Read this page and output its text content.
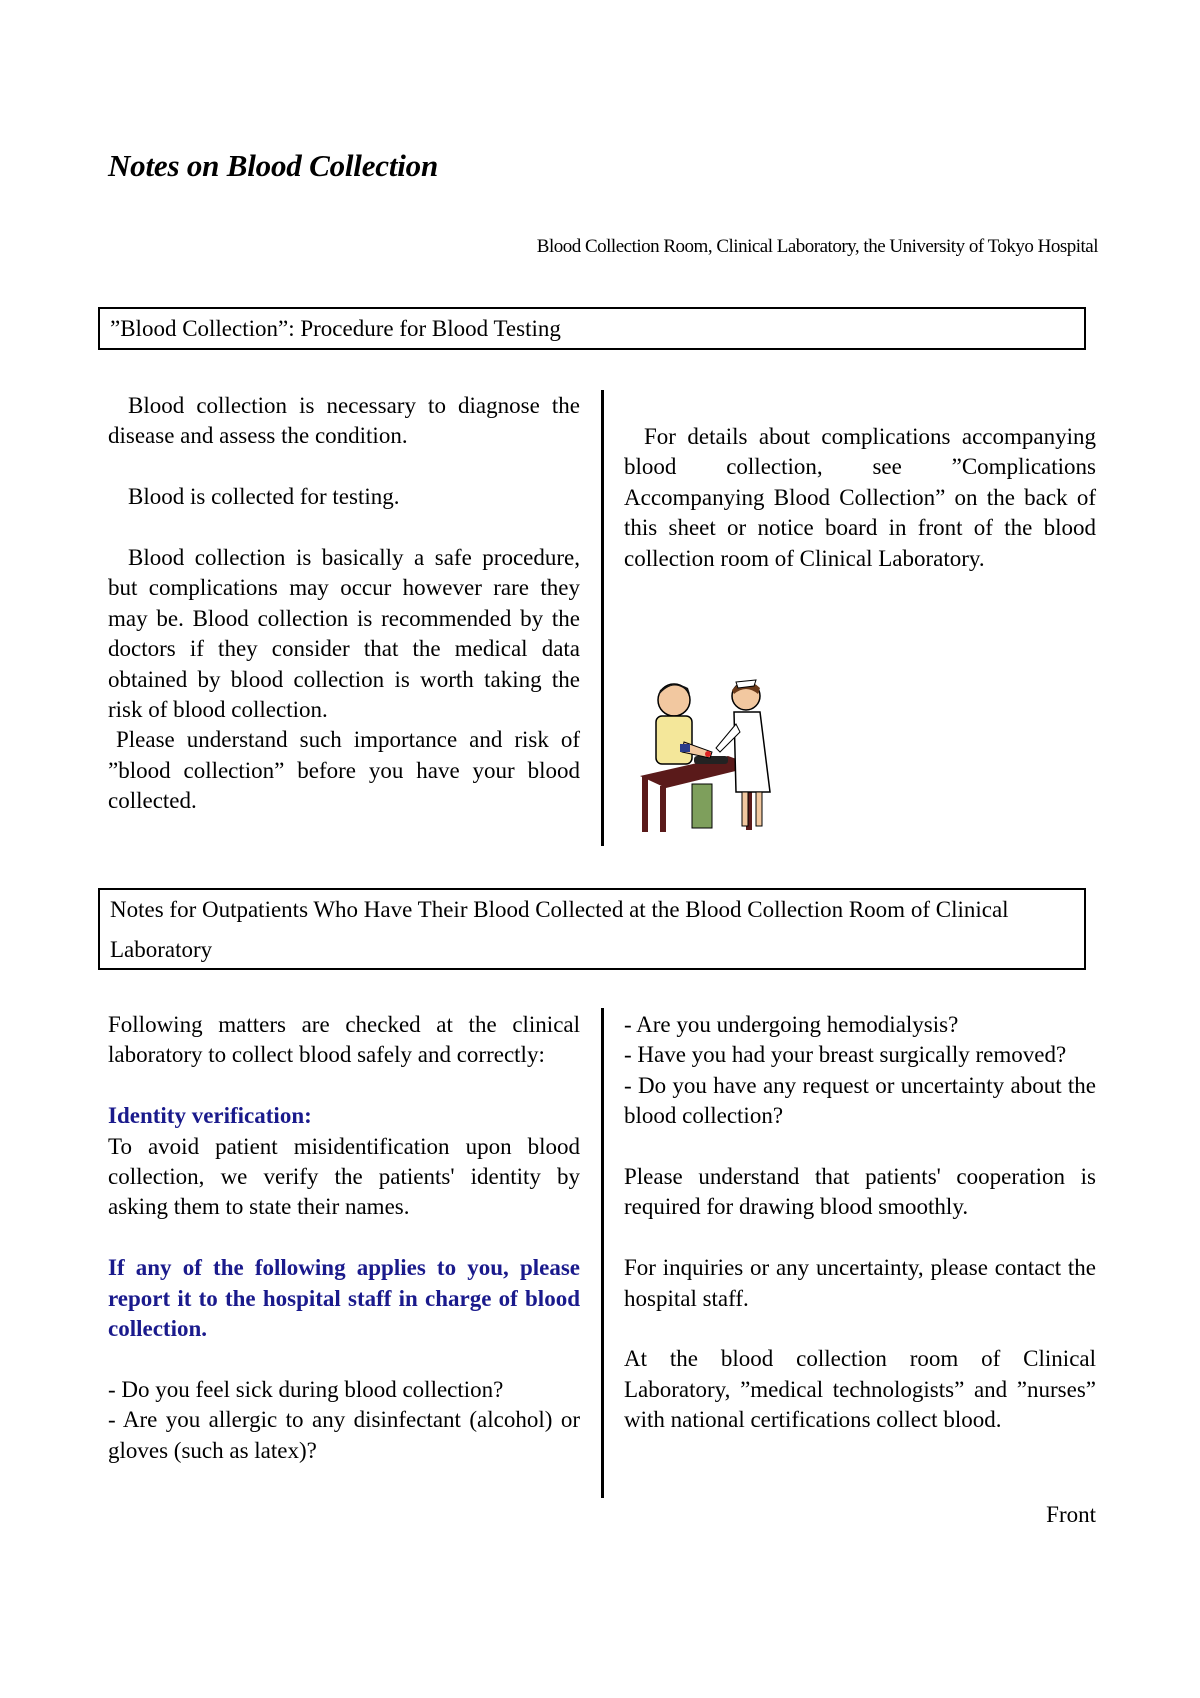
Notes on Blood Collection
Blood Collection Room, Clinical Laboratory, the University of Tokyo Hospital
”Blood Collection”: Procedure for Blood Testing

Blood collection is necessary to diagnose the disease and assess the condition.

Blood is collected for testing.

Blood collection is basically a safe procedure, but complications may occur however rare they may be. Blood collection is recommended by the doctors if they consider that the medical data obtained by blood collection is worth taking the risk of blood collection.

Please understand such importance and risk of ”blood collection” before you have your blood collected.

For details about complications accompanying blood collection, see ”Complications Accompanying Blood Collection” on the back of this sheet or notice board in front of the blood collection room of Clinical Laboratory.

Notes for Outpatients Who Have Their Blood Collected at the Blood Collection Room of Clinical Laboratory

Following matters are checked at the clinical laboratory to collect blood safely and correctly:

Identity verification:

To avoid patient misidentification upon blood collection, we verify the patients' identity by asking them to state their names.

If any of the following applies to you, please report it to the hospital staff in charge of blood collection.

- Do you feel sick during blood collection?

- Are you allergic to any disinfectant (alcohol) or gloves (such as latex)?

- Are you undergoing hemodialysis?

- Have you had your breast surgically removed?

- Do you have any request or uncertainty about the blood collection?

Please understand that patients' cooperation is required for drawing blood smoothly.

For inquiries or any uncertainty, please contact the hospital staff.

At the blood collection room of Clinical Laboratory, ”medical technologists” and ”nurses” with national certifications collect blood.

Front
